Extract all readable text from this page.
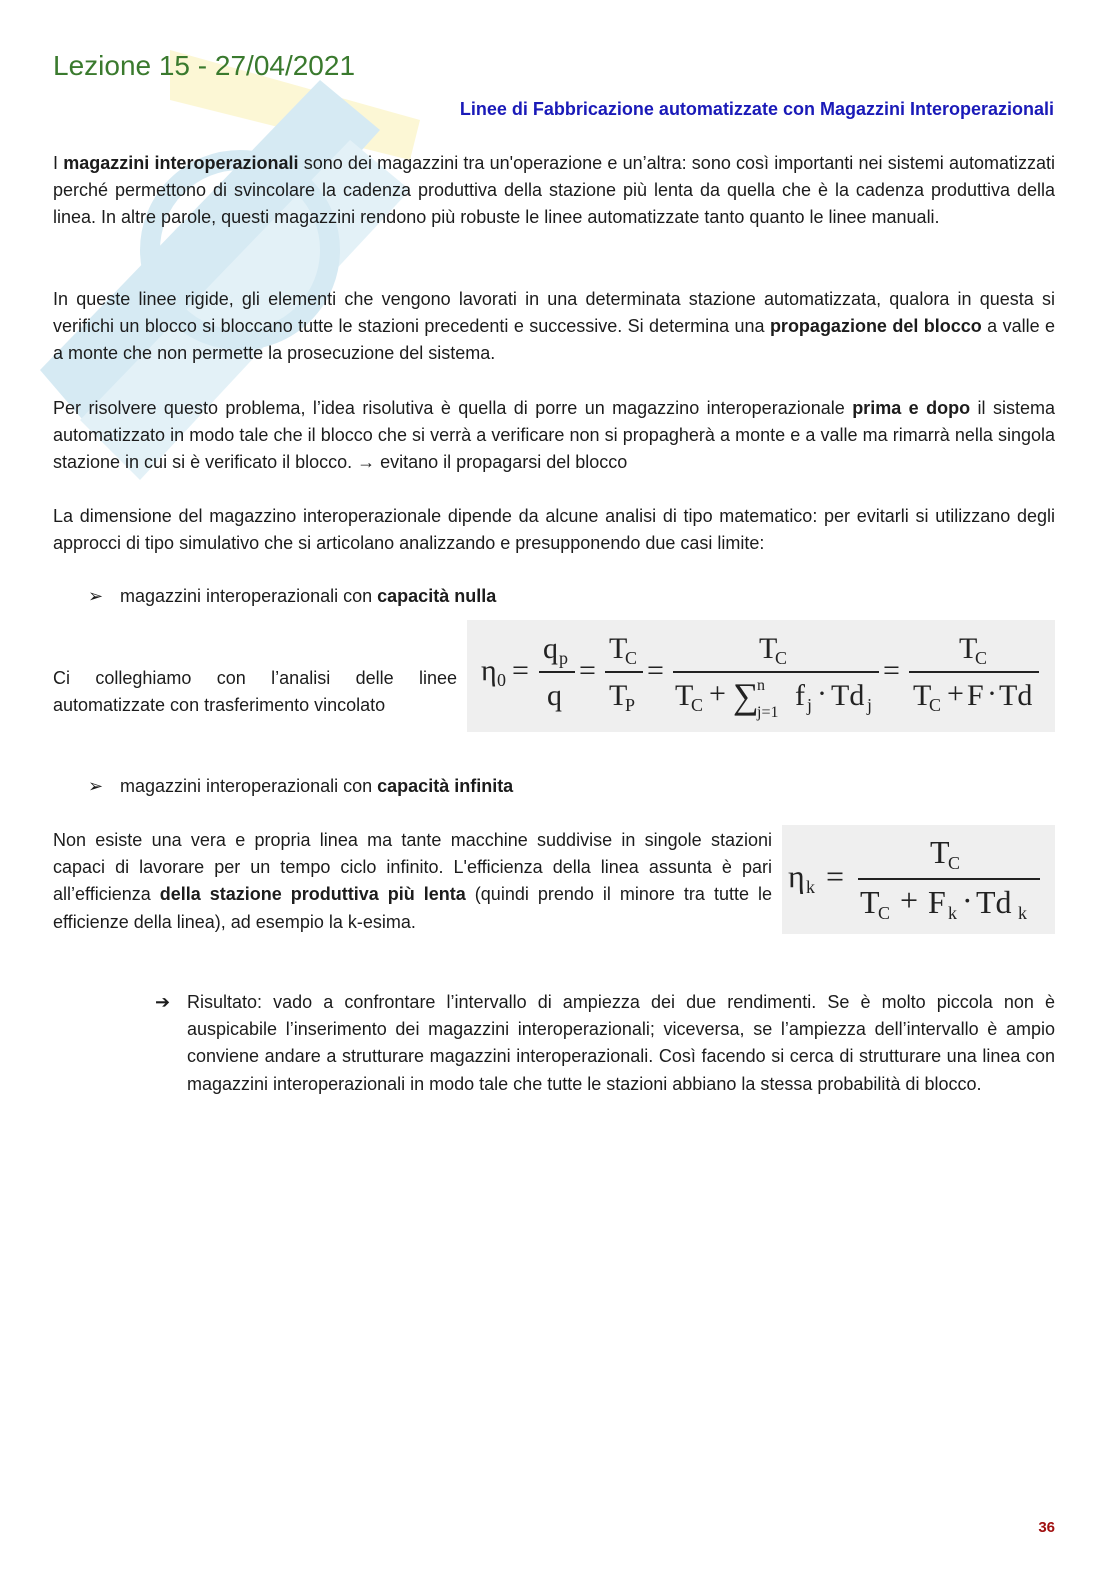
Lezione 15 - 27/04/2021
Linee di Fabbricazione automatizzate con Magazzini Interoperazionali

I magazzini interoperazionali sono dei magazzini tra un'operazione e un’altra: sono così importanti nei sistemi automatizzati perché permettono di svincolare la cadenza produttiva della stazione più lenta da quella che è la cadenza produttiva della linea. In altre parole, questi magazzini rendono più robuste le linee automatizzate tanto quanto le linee manuali.

In queste linee rigide, gli elementi che vengono lavorati in una determinata stazione automatizzata, qualora in questa si verifichi un blocco si bloccano tutte le stazioni precedenti e successive. Si determina una propagazione del blocco a valle e a monte che non permette la prosecuzione del sistema.

Per risolvere questo problema, l’idea risolutiva è quella di porre un magazzino interoperazionale prima e dopo il sistema automatizzato in modo tale che il blocco che si verrà a verificare non si propagherà a monte e a valle ma rimarrà nella singola stazione in cui si è verificato il blocco. → evitano il propagarsi del blocco

La dimensione del magazzino interoperazionale dipende da alcune analisi di tipo matematico: per evitarli si utilizzano degli approcci di tipo simulativo che si articolano analizzando e presupponendo due casi limite:

➢ magazzini interoperazionali con capacità nulla

Ci colleghiamo con l’analisi delle linee automatizzate con trasferimento vincolato

η 0 =
q p
q
=
T
C
T
P
=
T
C
T
C + ∑
n
j=1
f j · Td j
=
T
C
T
C + F · Td

➢ magazzini interoperazionali con capacità infinita

Non esiste una vera e propria linea ma tante macchine suddivise in singole stazioni capaci di lavorare per un tempo ciclo infinito. L'efficienza della linea assunta è pari all’efficienza della stazione produttiva più lenta (quindi prendo il minore tra tutte le efficienze della linea), ad esempio la k-esima.

η k =
T
C
T
C + F k · Td k
➔ Risultato: vado a confrontare l’intervallo di ampiezza dei due rendimenti. Se è molto piccola non è auspicabile l’inserimento dei magazzini interoperazionali; viceversa, se l’ampiezza dell’intervallo è ampio conviene andare a strutturare magazzini interoperazionali. Così facendo si cerca di strutturare una linea con magazzini interoperazionali in modo tale che tutte le stazioni abbiano la stessa probabilità di blocco.

36
